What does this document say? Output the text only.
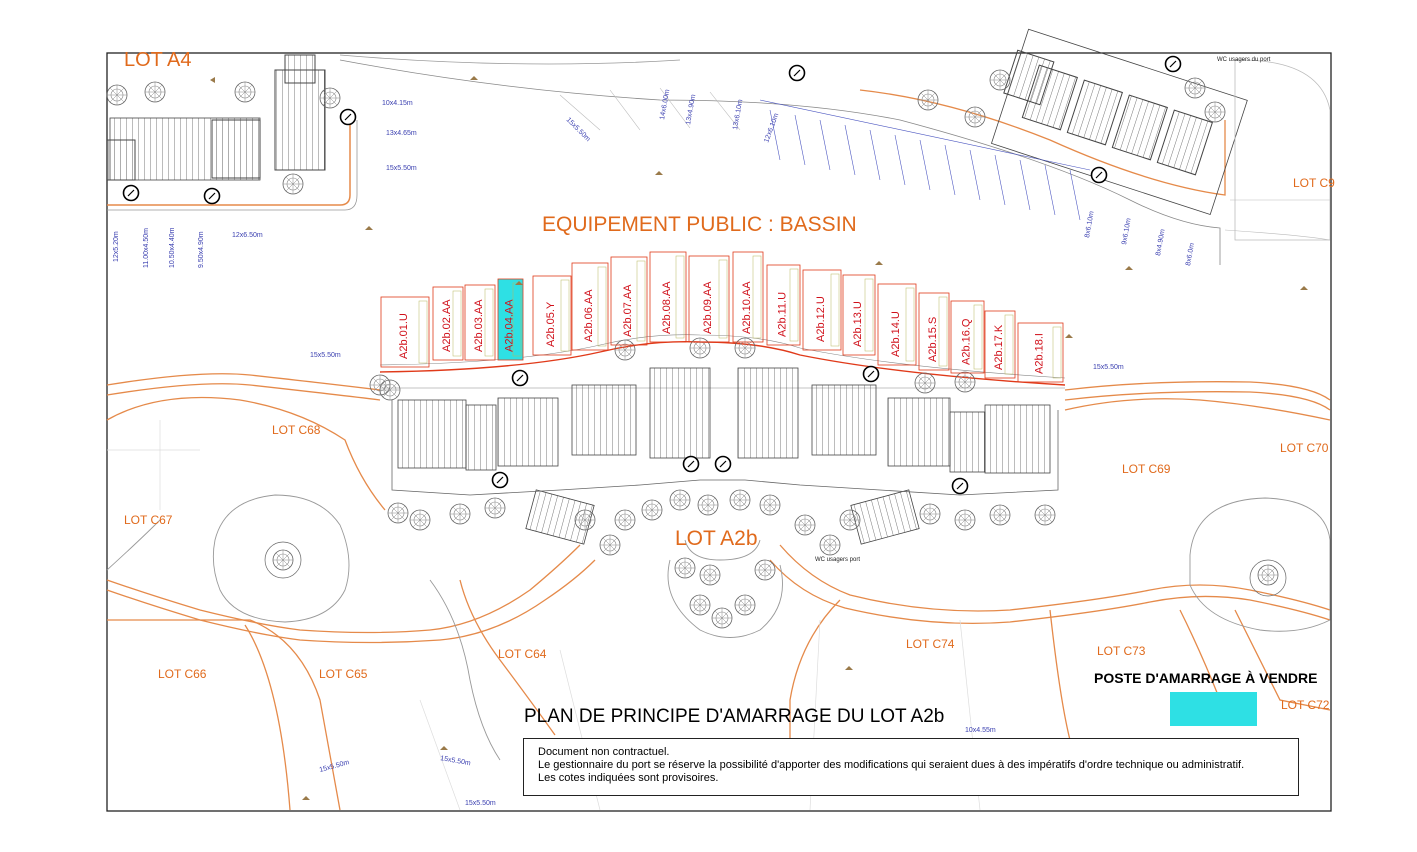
A2b.01.U	A2b.02.AA A2b.03.AA A2b.04.AA	A2b.05.Y A2b.06.AA A2b.07.AA A2b.08.AA	A2b.09.AA A2b.10.AA A2b.11.U A2b.12.U A2b.13.U A2b.14.U A2b.15.S A2b.16.Q A2b.17.K	A2b.18.I
LOT A4
EQUIPEMENT PUBLIC : BASSIN
LOT A2b
LOT C68
LOT C67
LOT C66	LOT C65
LOT C64
LOT C74	LOT C73
LOT C72
LOT C69
LOT C70
LOT C9
WC usagers du port
WC usagers port
10x4.15m
13x4.65m
15x5.50m
12x6.50m
12x5.20m	11.00x4.50m	10.50x4.40m	9.50x4.90m
15x5.50m
15x5.50m
15x5.50m
14x6.00m 13x4.90m	13x6.10m	12x6.10m
8x6.10m	9x6.10m	8x4.90m	8x6.0m
15x5.50m	15x5.50m
15x5.50m
10x4.55m
PLAN DE PRINCIPE D'AMARRAGE DU LOT A2b
POSTE D'AMARRAGE À VENDRE
Document non contractuel.
Le gestionnaire du port se réserve la possibilité d'apporter des modifications qui seraient dues à des impératifs d'ordre technique ou administratif.
Les cotes indiquées sont provisoires.
